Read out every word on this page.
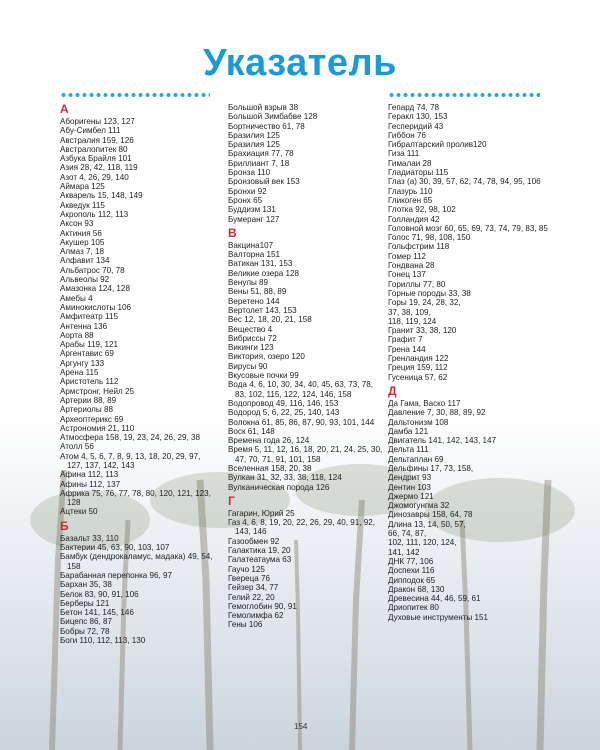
Указатель
А
Аборигены 123, 127
Абу-Симбел 111
Австралия 159, 126
Австралопитек 80
Азбука Брайля 101
Азия 28, 42, 118, 119
Азот 4, 26, 29, 140
Аймара 125
Акварель 15, 148, 149
Акведук 115
Акрополь 112, 113
Аксон 93
Актиния 56
Акушер 105
Алмаз 7, 18
Алфавит 134
Альбатрос 70, 78
Альвеолы 92
Амазонка 124, 128
Амебы 4
Аминокислоты 106
Амфитеатр 115
Антенна 136
Аорта 88
Арабы 119, 121
Аргентавис 69
Аргунгу 133
Арена 115
Аристотель 112
Армстронг, Нейл 25
Артерии 88, 89
Артериолы 88
Археоптерикс 69
Астрономия 21, 110
Атмосфера 158, 19, 23, 24, 26, 29, 38
Атолл 56
Атом 4, 5, 6, 7, 8, 9, 13, 18, 20, 29, 97, 127, 137, 142, 143
Афина 112, 113
Афины 112, 137
Африка 75, 76, 77, 78, 80, 120, 121, 123, 128
Ацтеки 50
Б
Базальт 33, 110
Бактерии 45, 63, 90, 103, 107
Бамбук (дендрокаламус, мадака) 49, 54, 158
Барабанная перепонка 96, 97
Бархан 35, 38
Белок 83, 90, 91, 106
Берберы 121
Бетон 141, 145, 146
Бицепс 86, 87
Бобры 72, 78
Боги 110, 112, 113, 130
Большой взрыв 38
Большой Зимбабве 128
Бортничество 61, 78
Бразилия 125
Бразилия 125
Брахиация 77, 78
Бриллиант 7, 18
Бронза 110
Бронзовый век 153
Бронхи 92
Бронх 65
Буддизм 131
Бумеранг 127
В
Вакцина107
Валторна 151
Ватикан 131, 153
Великие озера 128
Венулы 89
Вены 51, 88, 89
Веретено 144
Вертолет 143, 153
Вес 12, 18, 20, 21, 158
Вещество 4
Вибриссы 72
Викинги 123
Виктория, озеро 120
Вирусы 90
Вкусовые почки 99
Вода 4, 6, 10, 30, 34, 40, 45, 63, 73, 78, 83, 102, 115, 122, 124, 146, 158
Водопровод 49, 116, 146, 153
Водород 5, 6, 22, 25, 140, 143
Волокна 61, 85, 86, 87, 90, 93, 101, 144
Воск 61, 148
Времена года 26, 124
Время 5, 11, 12, 16, 18, 20, 21, 24, 25, 30, 47, 70, 71, 91, 101, 158
Вселенная 158, 20, 38
Вулкан 31, 32, 33, 38, 118, 124
Вулканическая порода 126
Г
Гагарин, Юрий 25
Газ 4, 6, 8, 19, 20, 22, 26, 29, 40, 91, 92, 143, 146
Газообмен 92
Галактика 19, 20
Галатеатаума 63
Гаучо 125
Гвереца 76
Гейзер 34, 77
Гелий 22, 20
Гемоглобин 90, 91
Гемолимфа 62
Гены 106
Гепард 74, 78
Геракл 130, 153
Гесперидий 43
Гиббон 76
Гибралтарский пролив120
Гиза 111
Гималаи 28
Гладиаторы 115
Глаз (а) 30, 39, 57, 62, 74, 78, 94, 95, 106
Глазурь 110
Гликоген 65
Глотка 92, 98, 102
Голландия 42
Головной мозг 60, 65, 69, 73, 74, 79, 83, 85
Голос 71, 98, 108, 150
Гольфстрим 118
Гомер 112
Гондвана 28
Гонец 137
Гориллы 77, 80
Горные породы 33, 38
Горы 19, 24, 28, 32,
37, 38, 109,
118, 119, 124
Гранит 33, 38, 120
Графит 7
Грена 144
Гренландия 122
Греция 159, 112
Гусеница 57, 62
Д
Да Гама, Васко 117
Давление 7, 30, 88, 89, 92
Дальтонизм 108
Дамба 121
Двигатель 141, 142, 143, 147
Дельта 111
Дельтаплан 69
Дельфины 17, 73, 158,
Дендрит 93
Дентин 103
Джермо 121
Джомогунгма 32
Динозавры 158, 64, 78
Длина 13, 14, 50, 57,
66, 74, 87,
102, 111, 120, 124,
141, 142
ДНК 77, 106
Доспехи 116
Дипподок 65
Дракон 68, 130
Древесина 44, 46, 59, 61
Дриопитек 80
Духовые инструменты 151
154
